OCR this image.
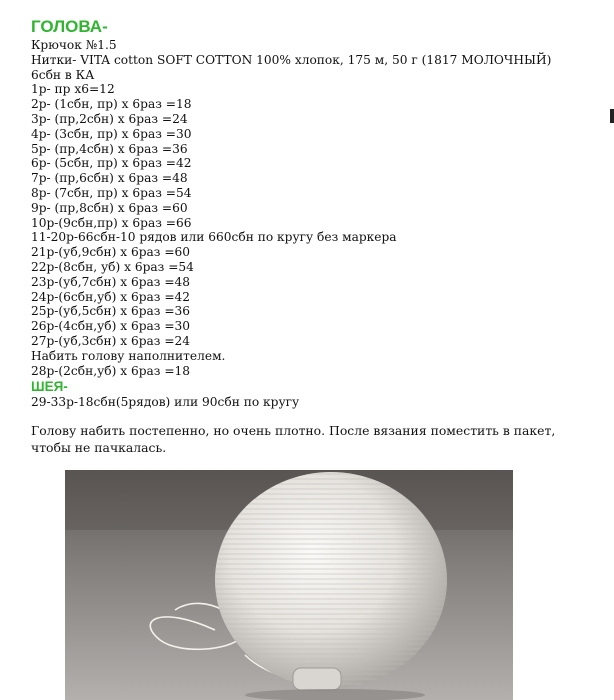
ГОЛОВА-

Крючок №1.5

Нитки- VITA cotton SOFT COTTON 100% хлопок, 175 м, 50 г (1817 МОЛОЧНЫЙ)

6сбн в КА

1р- пр х6=12

2р- (1сбн, пр) х 6раз =18

3р- (пр,2сбн) х 6раз =24

4р- (3сбн, пр) х 6раз =30

5р- (пр,4сбн) х 6раз =36

6р- (5сбн, пр) х 6раз =42

7р- (пр,6сбн) х 6раз =48

8р- (7сбн, пр) х 6раз =54

9р- (пр,8сбн) х 6раз =60

10р-(9сбн,пр) х 6раз =66

11-20р-66сбн-10 рядов или 660сбн по кругу без маркера

21р-(уб,9сбн) х 6раз =60

22р-(8сбн, уб) х 6раз =54

23р-(уб,7сбн) х 6раз =48

24р-(6сбн,уб) х 6раз =42

25р-(уб,5сбн) х 6раз =36

26р-(4сбн,уб) х 6раз =30

27р-(уб,3сбн) х 6раз =24

Набить голову наполнителем.

28р-(2сбн,уб) х 6раз =18

ШЕЯ-

29-33р-18сбн(5рядов) или 90сбн по кругу

Голову набить постепенно, но очень плотно. После вязания поместить в пакет, чтобы не пачкалась.
